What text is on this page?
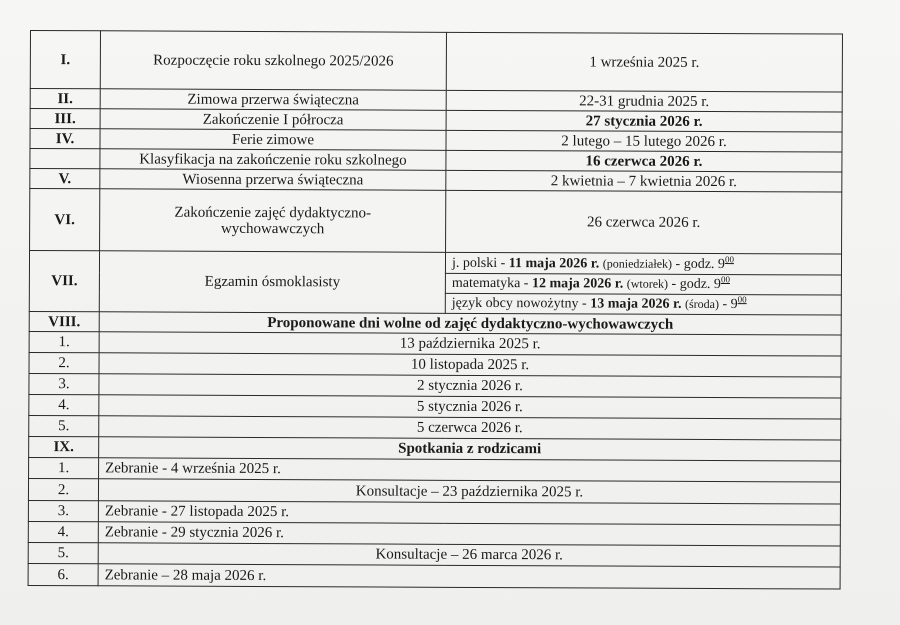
I.	Rozpoczęcie roku szkolnego 2025/2026	1 września 2025 r.
II.	Zimowa przerwa świąteczna	22-31 grudnia 2025 r.
III.	Zakończenie I półrocza	27 stycznia 2026 r.
IV.	Ferie zimowe	2 lutego – 15 lutego 2026 r.
	Klasyfikacja na zakończenie roku szkolnego	16 czerwca 2026 r.
V.	Wiosenna przerwa świąteczna	2 kwietnia – 7 kwietnia 2026 r.
VI.	Zakończenie zajęć dydaktyczno-wychowawczych	26 czerwca 2026 r.
VII.	Egzamin ósmoklasisty	j. polski - 11 maja 2026 r. (poniedziałek) - godz. $9^{00}$
		matematyka - 12 maja 2026 r. (wtorek) - godz. $9^{00}$
		język obcy nowożytny - 13 maja 2026 r. (środa) - $9^{00}$
VIII.	Proponowane dni wolne od zajęć dydaktyczno-wychowawczych	
1.	13 października 2025 r.	
2.	10 listopada 2025 r.	
3.	2 stycznia 2026 r.	
4.	5 stycznia 2026 r.	
5.	5 czerwca 2026 r.	
IX.	Spotkania z rodzicami	
1.	Zebranie - 4 września 2025 r.	
2.	Konsultacje – 23 października 2025 r.	
3.	Zebranie - 27 listopada 2025 r.	
4.	Zebranie - 29 stycznia 2026 r.	
5.	Konsultacje – 26 marca 2026 r.	
6.	Zebranie – 28 maja 2026 r.	
